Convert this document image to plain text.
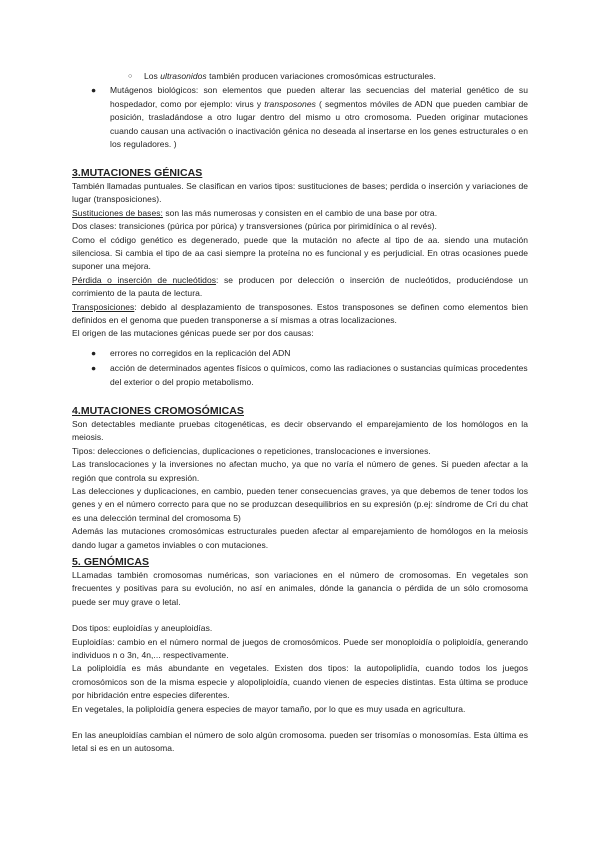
○ Los ultrasonidos también producen variaciones cromosómicas estructurales.

● Mutágenos biológicos: son elementos que pueden alterar las secuencias del material genético de su hospedador, como por ejemplo: virus y transposones ( segmentos móviles de ADN que pueden cambiar de posición, trasladándose a otro lugar dentro del mismo u otro cromosoma. Pueden originar mutaciones cuando causan una activación o inactivación génica no deseada al insertarse en los genes estructurales o en los reguladores. )

3.MUTACIONES GÉNICAS

También llamadas puntuales. Se clasifican en varios tipos: sustituciones de bases; perdida o inserción y variaciones de lugar (transposiciones).

Sustituciones de bases: son las más numerosas y consisten en el cambio de una base por otra.

Dos clases: transiciones (púrica por púrica) y transversiones (púrica por pirimidínica o al revés).

Como el código genético es degenerado, puede que la mutación no afecte al tipo de aa. siendo una mutación silenciosa. Si cambia el tipo de aa casi siempre la proteína no es funcional y es perjudicial. En otras ocasiones puede suponer una mejora.

Pérdida o inserción de nucleótidos: se producen por delección o inserción de nucleótidos, produciéndose un corrimiento de la pauta de lectura.

Transposiciones: debido al desplazamiento de transposones. Estos transposones se definen como elementos bien definidos en el genoma que pueden transponerse a sí mismas a otras localizaciones.

El origen de las mutaciones génicas puede ser por dos causas:

● errores no corregidos en la replicación del ADN

● acción de determinados agentes físicos o químicos, como las radiaciones o sustancias químicas procedentes del exterior o del propio metabolismo.

4.MUTACIONES CROMOSÓMICAS

Son detectables mediante pruebas citogenéticas, es decir observando el emparejamiento de los homólogos en la meiosis.

Tipos: delecciones o deficiencias, duplicaciones o repeticiones, translocaciones e inversiones.

Las translocaciones y la inversiones no afectan mucho, ya que no varía el número de genes. Si pueden afectar a la región que controla su expresión.

Las delecciones y duplicaciones, en cambio, pueden tener consecuencias graves, ya que debemos de tener todos los genes y en el número correcto para que no se produzcan desequilibrios en su expresión (p.ej: síndrome de Cri du chat es una delección terminal del cromosoma 5)

Además las mutaciones cromosómicas estructurales pueden afectar al emparejamiento de homólogos en la meiosis dando lugar a gametos inviables o con mutaciones.

5. GENÓMICAS

LLamadas también cromosomas numéricas, son variaciones en el número de cromosomas. En vegetales son frecuentes y positivas para su evolución, no así en animales, dónde la ganancia o pérdida de un sólo cromosoma puede ser muy grave o letal.

Dos tipos: euploidías y aneuploidías.

Euploidías: cambio en el número normal de juegos de cromosómicos. Puede ser monoploidía o poliploidía, generando individuos n o 3n, 4n,... respectivamente.

La poliploidía es más abundante en vegetales. Existen dos tipos: la autopoliplidía, cuando todos los juegos cromosómicos son de la misma especie y alopoliploidía, cuando vienen de especies distintas. Esta última se produce por hibridación entre especies diferentes.

En vegetales, la poliploidía genera especies de mayor tamaño, por lo que es muy usada en agricultura.

En las aneuploidías cambian el número de solo algún cromosoma. pueden ser trisomías o monosomías. Esta última es letal si es en un autosoma.
